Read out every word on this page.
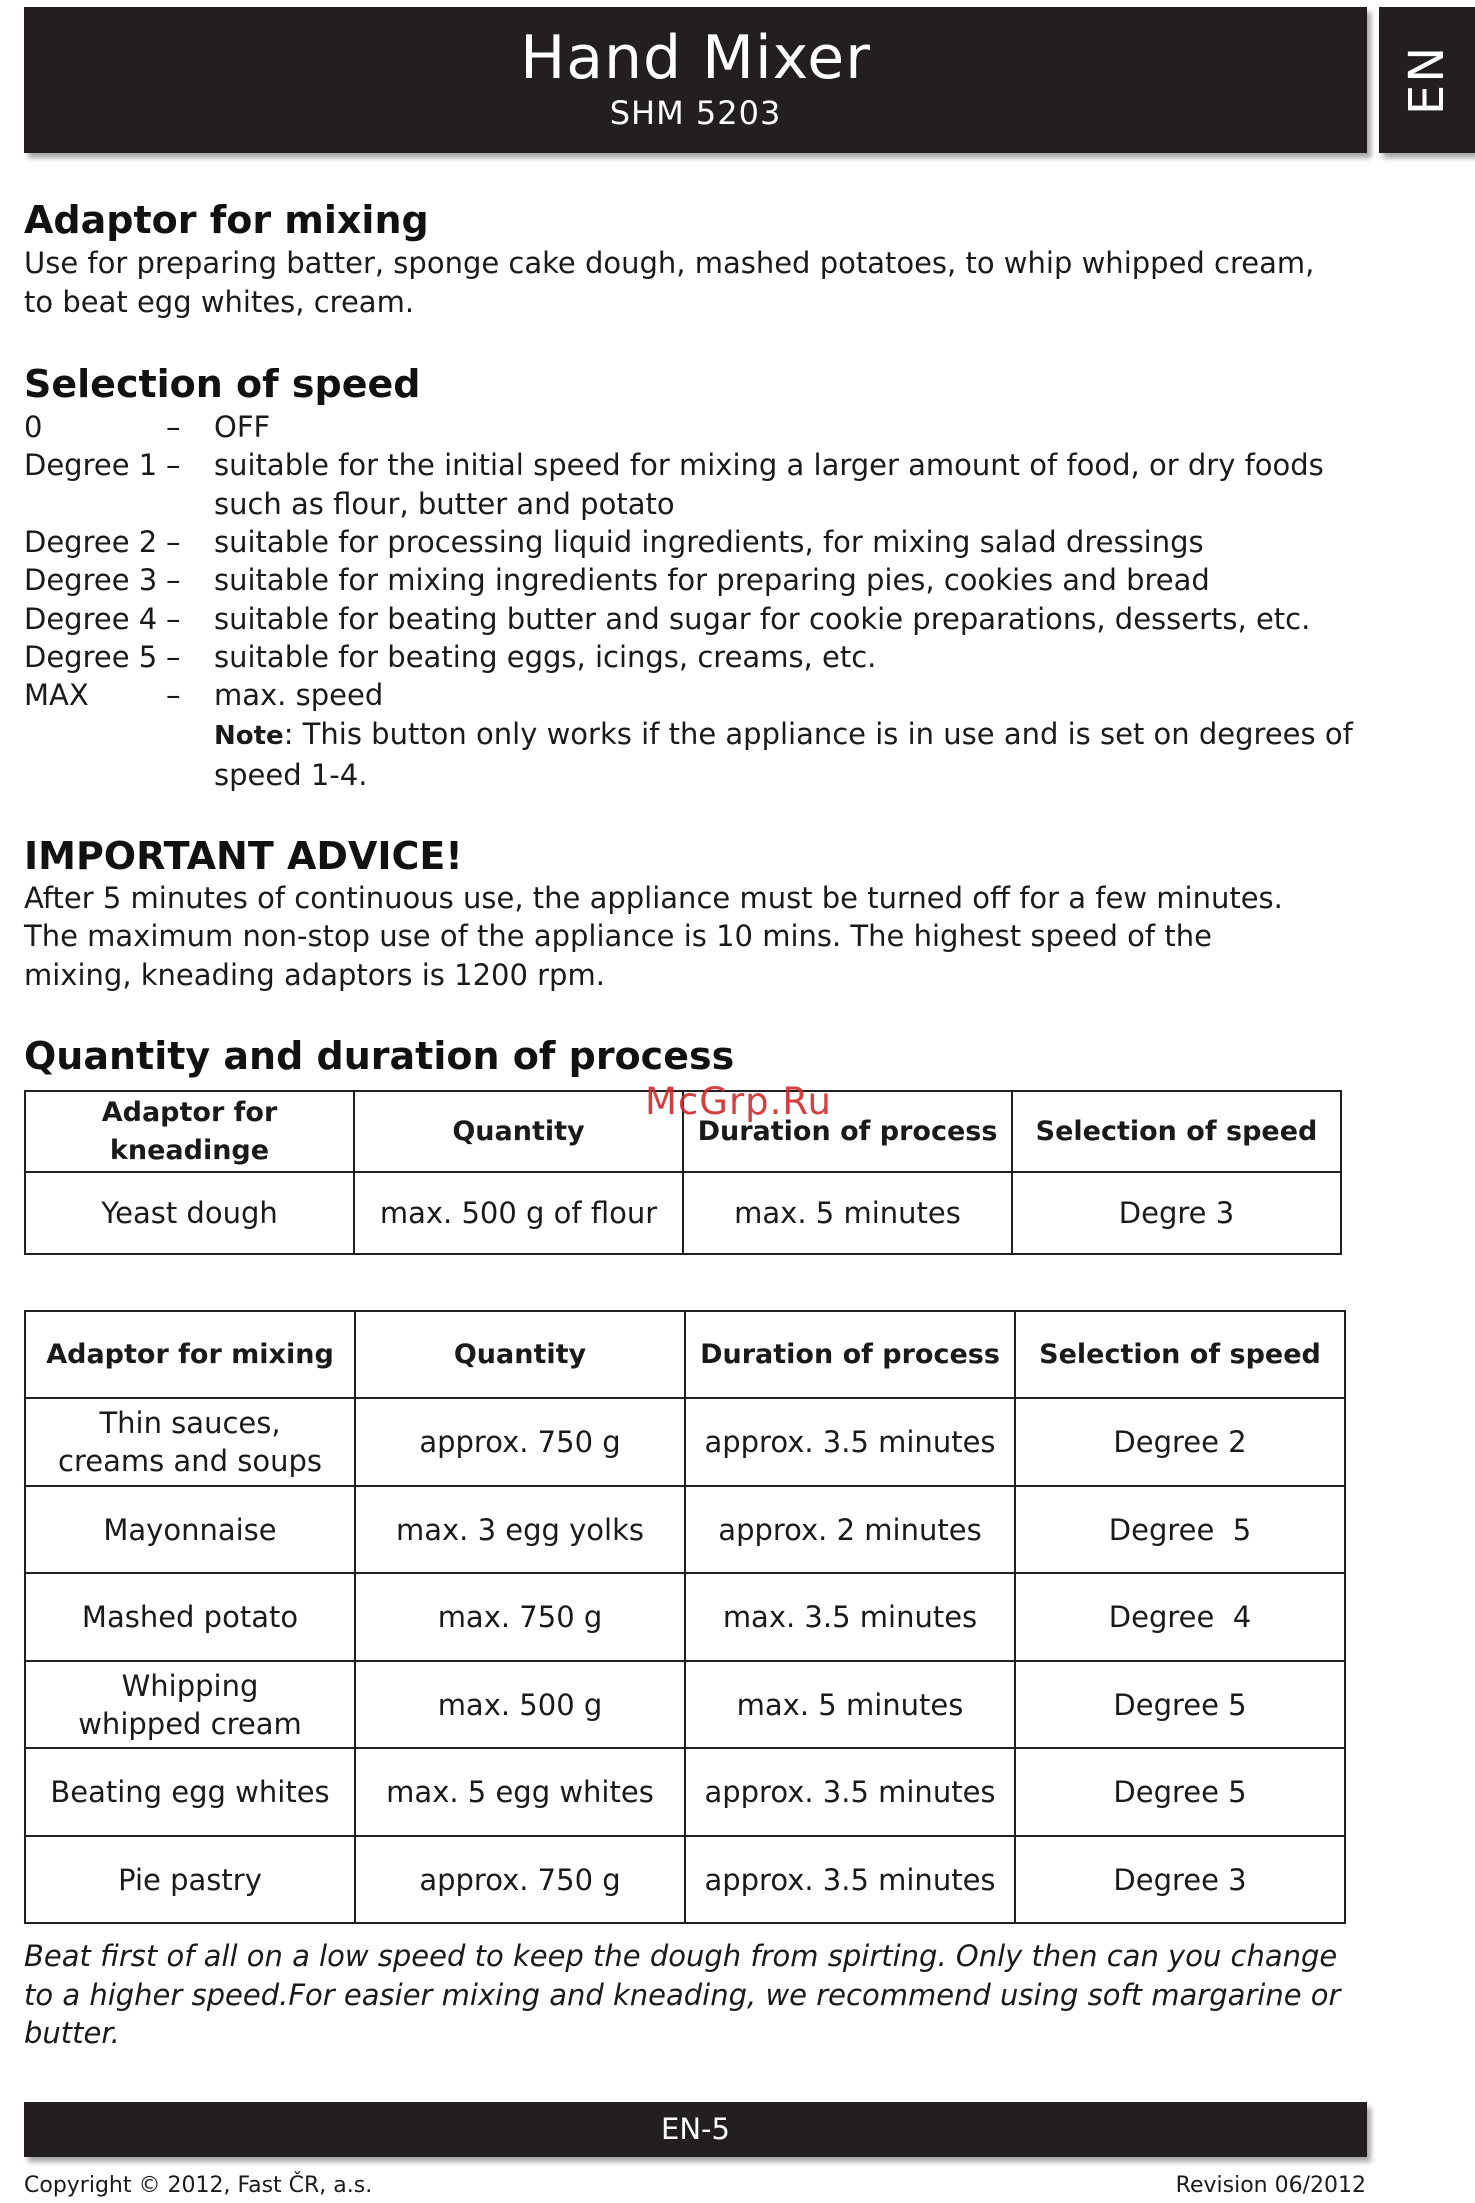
Hand Mixer
SHM 5203	EN
Adaptor for mixing
Use for preparing batter, sponge cake dough, mashed potatoes, to whip whipped cream, to beat egg whites, cream.
Selection of speed
0	– OFF
Degree 1 – suitable for the initial speed for mixing a larger amount of food, or dry foods such as flour, butter and potato
Degree 2 – suitable for processing liquid ingredients, for mixing salad dressings
Degree 3 – suitable for mixing ingredients for preparing pies, cookies and bread
Degree 4 – suitable for beating butter and sugar for cookie preparations, desserts, etc.
Degree 5 – suitable for beating eggs, icings, creams, etc.
MAX	– max. speed
Note: This button only works if the appliance is in use and is set on degrees of speed 1-4.
IMPORTANT ADVICE!
After 5 minutes of continuous use, the appliance must be turned off for a few minutes.
The maximum non-stop use of the appliance is 10 mins. The highest speed of the mixing, kneading adaptors is 1200 rpm.
Quantity and duration of process
Adaptor for kneadinge	Quantity	Duration of process	Selection of speed
Yeast dough	max. 500 g of flour	max. 5 minutes	Degre 3
McGrp.Ru
Adaptor for mixing	Quantity	Duration of process	Selection of speed
Thin sauces, creams and soups	approx. 750 g	approx. 3.5 minutes	Degree 2
Mayonnaise	max. 3 egg yolks	approx. 2 minutes	Degree  5
Mashed potato	max. 750 g	max. 3.5 minutes	Degree  4
Whipping whipped cream	max. 500 g	max. 5 minutes	Degree 5
Beating egg whites	max. 5 egg whites	approx. 3.5 minutes	Degree 5
Pie pastry	approx. 750 g	approx. 3.5 minutes	Degree 3
Beat first of all on a low speed to keep the dough from spirting. Only then can you change to a higher speed.For easier mixing and kneading, we recommend using soft margarine or butter.
EN-5
Copyright © 2012, Fast ČR, a.s.	Revision 06/2012
